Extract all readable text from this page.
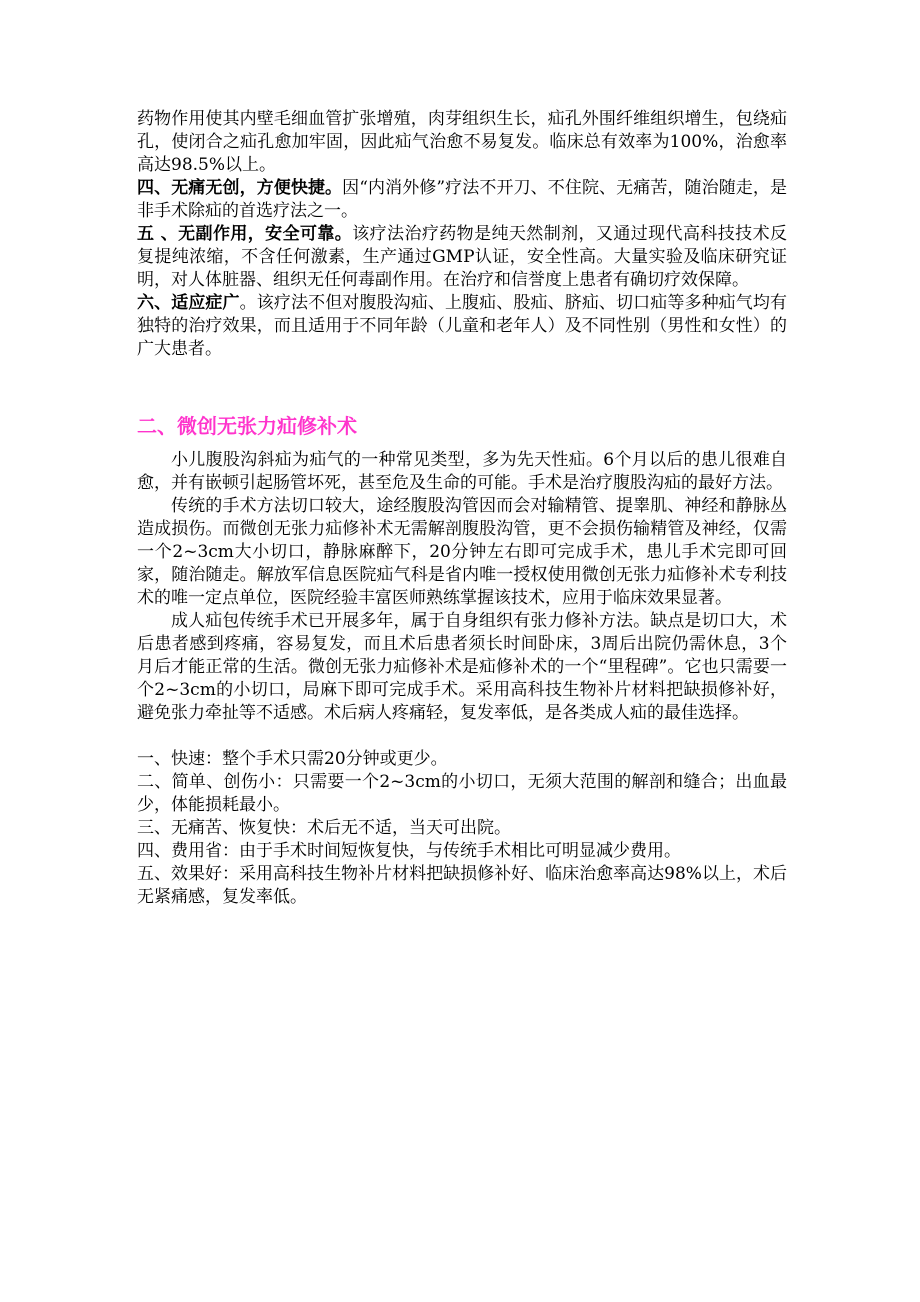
药物作用使其内壁毛细血管扩张增殖，肉芽组织生长，疝孔外围纤维组织增生，包绕疝孔，使闭合之疝孔愈加牢固，因此疝气治愈不易复发。临床总有效率为100%，治愈率高达98.5%以上。

四、无痛无创，方便快捷。因“内消外修”疗法不开刀、不住院、无痛苦，随治随走，是非手术除疝的首选疗法之一。

五 、无副作用，安全可靠。该疗法治疗药物是纯天然制剂，又通过现代高科技技术反复提纯浓缩，不含任何激素，生产通过GMP认证，安全性高。大量实验及临床研究证明，对人体脏器、组织无任何毒副作用。在治疗和信誉度上患者有确切疗效保障。

六、适应症广。该疗法不但对腹股沟疝、上腹疝、股疝、脐疝、切口疝等多种疝气均有独特的治疗效果，而且适用于不同年龄（儿童和老年人）及不同性别（男性和女性）的广大患者。

二、微创无张力疝修补术

小儿腹股沟斜疝为疝气的一种常见类型，多为先天性疝。6个月以后的患儿很难自愈，并有嵌顿引起肠管坏死，甚至危及生命的可能。手术是治疗腹股沟疝的最好方法。

传统的手术方法切口较大，途经腹股沟管因而会对输精管、提睾肌、神经和静脉丛造成损伤。而微创无张力疝修补术无需解剖腹股沟管，更不会损伤输精管及神经，仅需一个2~3cm大小切口，静脉麻醉下，20分钟左右即可完成手术，患儿手术完即可回家，随治随走。解放军信息医院疝气科是省内唯一授权使用微创无张力疝修补术专利技术的唯一定点单位，医院经验丰富医师熟练掌握该技术，应用于临床效果显著。

成人疝包传统手术已开展多年，属于自身组织有张力修补方法。缺点是切口大，术后患者感到疼痛，容易复发，而且术后患者须长时间卧床，3周后出院仍需休息，3个月后才能正常的生活。微创无张力疝修补术是疝修补术的一个“里程碑”。它也只需要一个2~3cm的小切口，局麻下即可完成手术。采用高科技生物补片材料把缺损修补好，避免张力牵扯等不适感。术后病人疼痛轻，复发率低，是各类成人疝的最佳选择。

一、快速：整个手术只需20分钟或更少。

二、简单、创伤小：只需要一个2~3cm的小切口，无须大范围的解剖和缝合；出血最少，体能损耗最小。

三、无痛苦、恢复快：术后无不适，当天可出院。

四、费用省：由于手术时间短恢复快，与传统手术相比可明显减少费用。

五、效果好：采用高科技生物补片材料把缺损修补好、临床治愈率高达98%以上，术后无紧痛感，复发率低。
